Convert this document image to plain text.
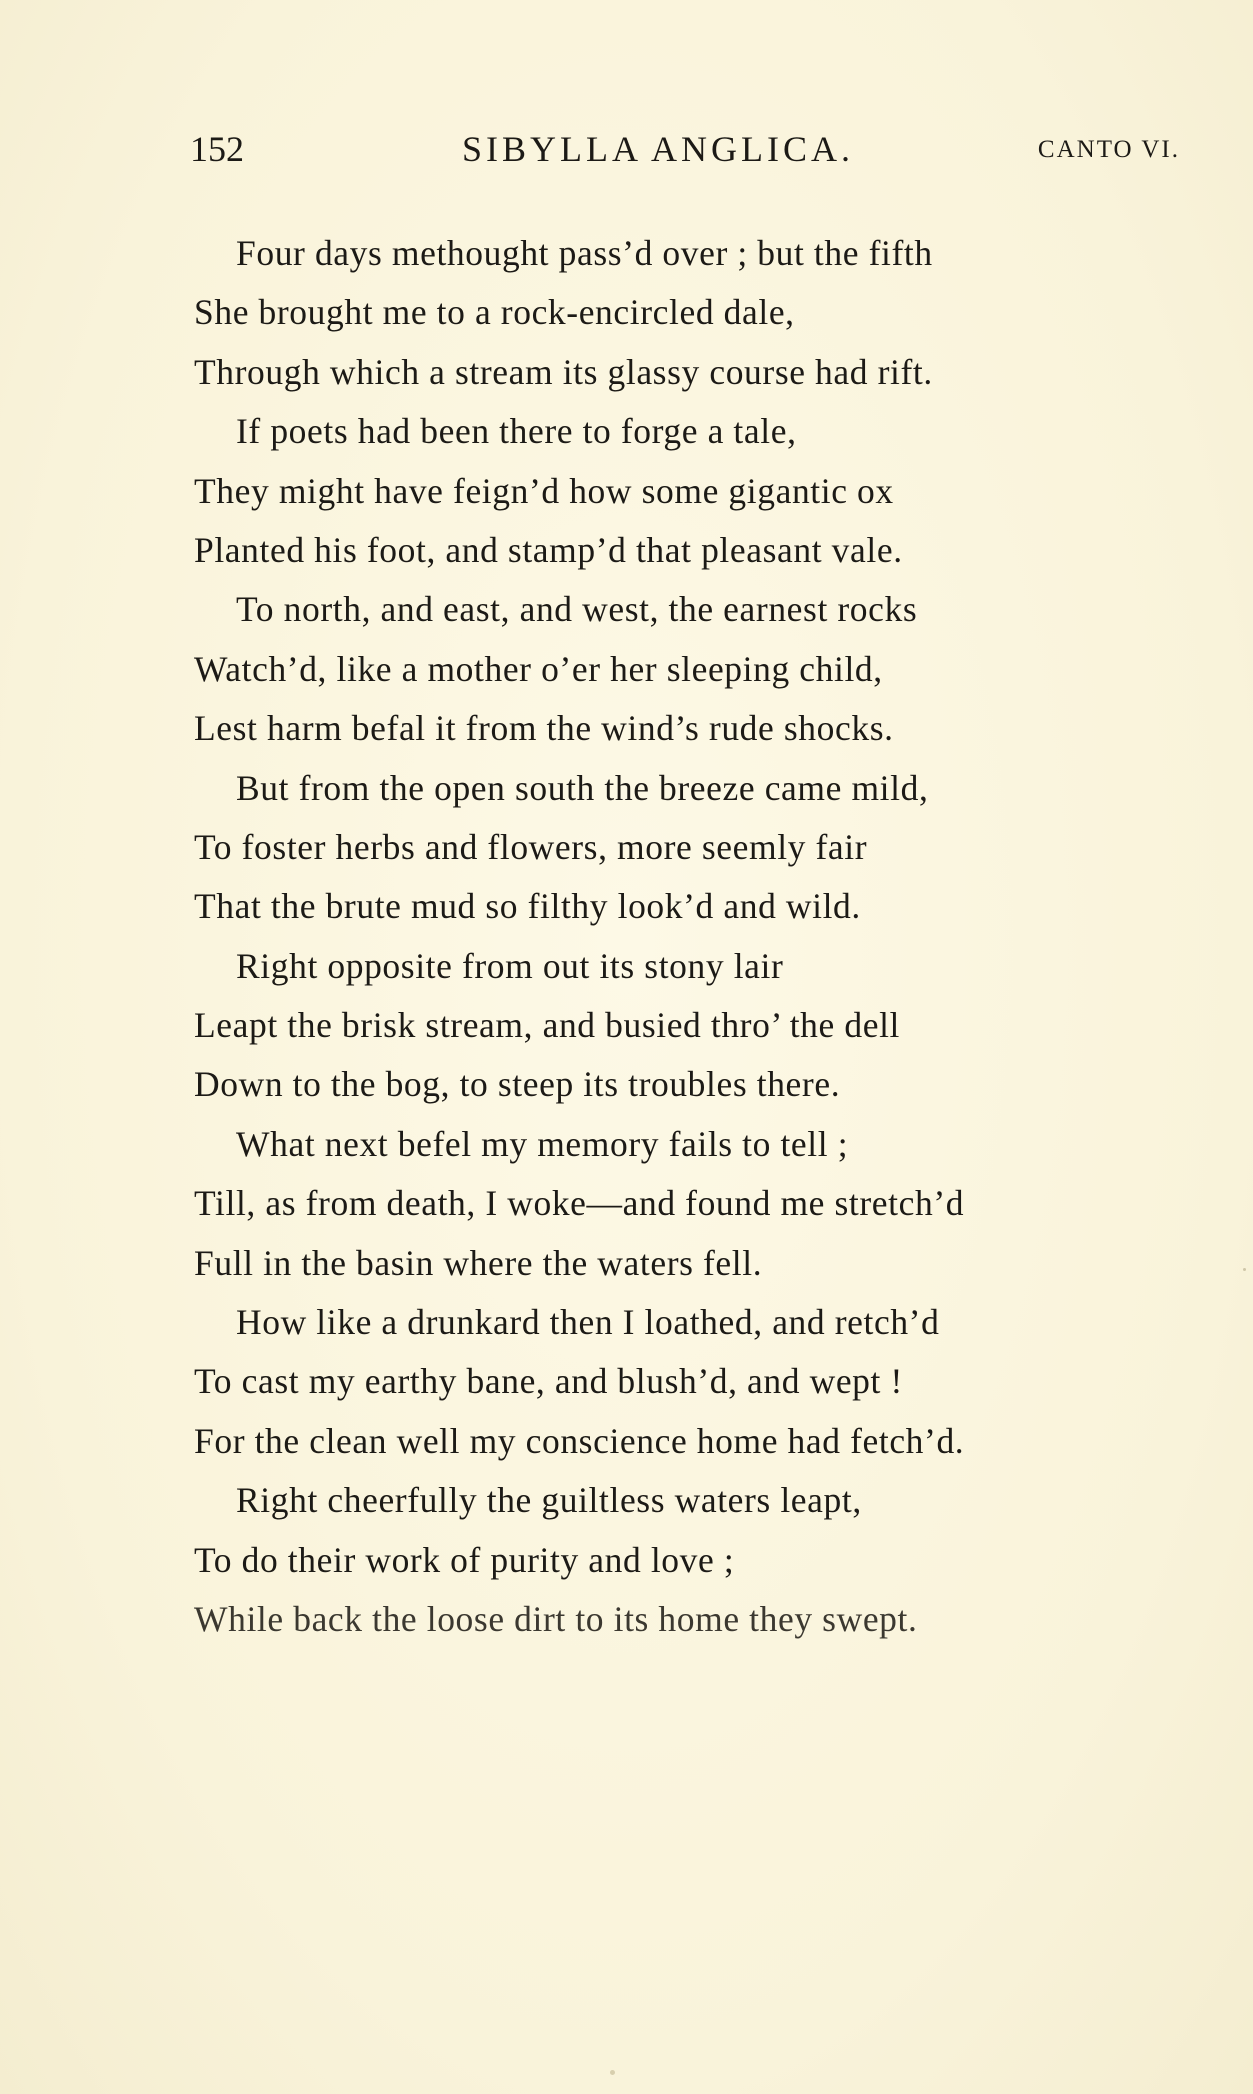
152	SIBYLLA ANGLICA.	CANTO VI.
Four days methought pass’d over ; but the fifth
She brought me to a rock-encircled dale,
Through which a stream its glassy course had rift.
If poets had been there to forge a tale,
They might have feign’d how some gigantic ox
Planted his foot, and stamp’d that pleasant vale.
To north, and east, and west, the earnest rocks
Watch’d, like a mother o’er her sleeping child,
Lest harm befal it from the wind’s rude shocks.
But from the open south the breeze came mild,
To foster herbs and flowers, more seemly fair
That the brute mud so filthy look’d and wild.
Right opposite from out its stony lair
Leapt the brisk stream, and busied thro’ the dell
Down to the bog, to steep its troubles there.
What next befel my memory fails to tell ;
Till, as from death, I woke—and found me stretch’d
Full in the basin where the waters fell.
How like a drunkard then I loathed, and retch’d
To cast my earthy bane, and blush’d, and wept !
For the clean well my conscience home had fetch’d.
Right cheerfully the guiltless waters leapt,
To do their work of purity and love ;
While back the loose dirt to its home they swept.
